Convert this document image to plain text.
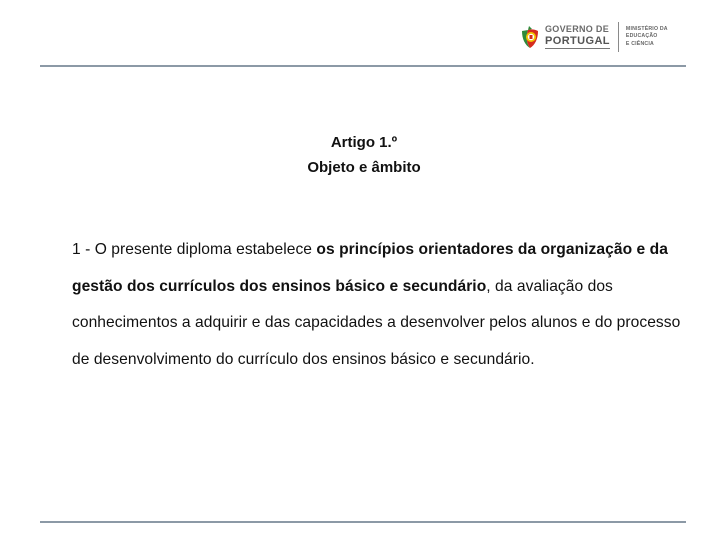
GOVERNO DE
PORTUGAL
MINISTÉRIO DA EDUCAÇÃO
E CIÊNCIA
Artigo 1.º
Objeto e âmbito
1 - O presente diploma estabelece os princípios orientadores da organização e da gestão dos currículos dos ensinos básico e secundário, da avaliação dos conhecimentos a adquirir e das capacidades a desenvolver pelos alunos e do processo de desenvolvimento do currículo dos ensinos básico e secundário.
